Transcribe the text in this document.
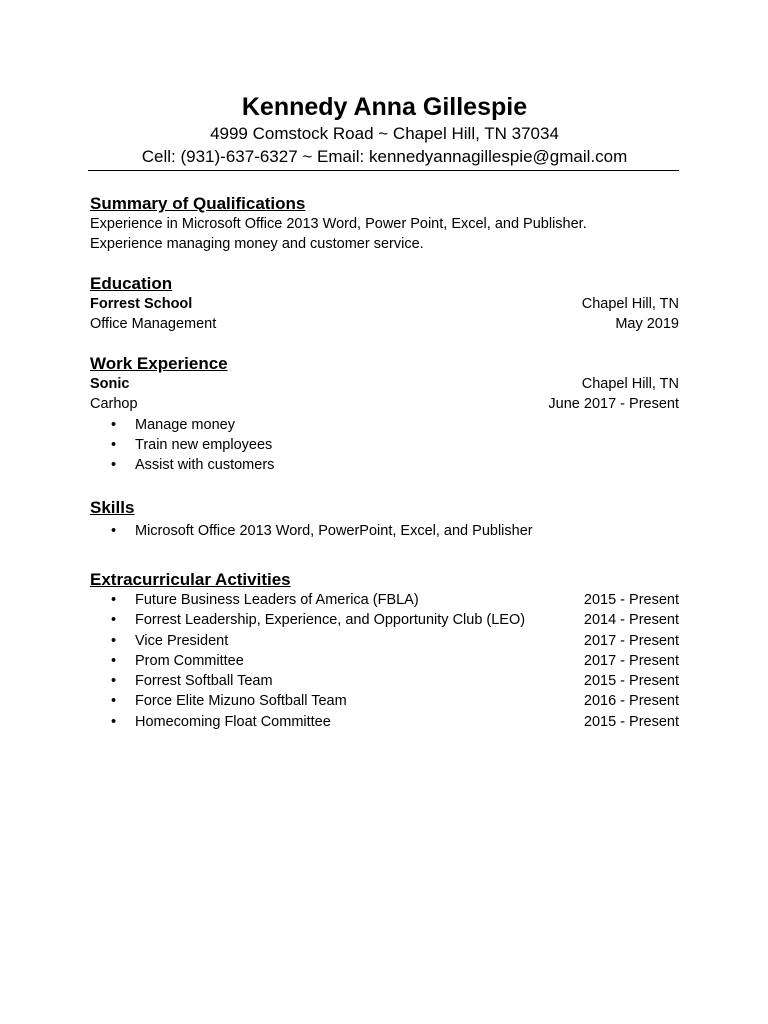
Kennedy Anna Gillespie

4999 Comstock Road ~ Chapel Hill, TN 37034

Cell: (931)-637-6327 ~ Email: kennedyannagillespie@gmail.com

Summary of Qualifications

Experience in Microsoft Office 2013 Word, Power Point, Excel, and Publisher.

Experience managing money and customer service.

Education
Forrest School	Chapel Hill, TN
Office Management	May 2019
Work Experience
Sonic	Chapel Hill, TN
Carhop	June 2017 - Present
•	Manage money
•	Train new employees
•	Assist with customers
Skills
•	Microsoft Office 2013 Word, PowerPoint, Excel, and Publisher
Extracurricular Activities
•	Future Business Leaders of America (FBLA)	2015 - Present
•	Forrest Leadership, Experience, and Opportunity Club (LEO)	2014 - Present
•	Vice President	2017 - Present
•	Prom Committee	2017 - Present
•	Forrest Softball Team	2015 - Present
•	Force Elite Mizuno Softball Team	2016 - Present
•	Homecoming Float Committee	2015 - Present
